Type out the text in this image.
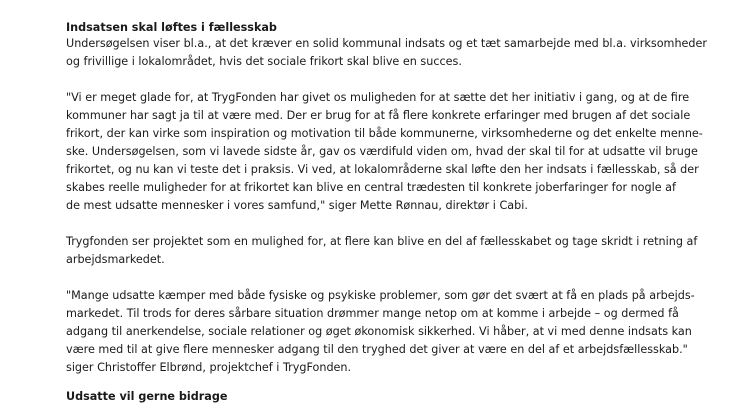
Indsatsen skal løftes i fællesskab
Undersøgelsen viser bl.a., at det kræver en solid kommunal indsats og et tæt samarbejde med bl.a. virksomheder
og frivillige i lokalområdet, hvis det sociale frikort skal blive en succes.
"Vi er meget glade for, at TrygFonden har givet os muligheden for at sætte det her initiativ i gang, og at de fire
kommuner har sagt ja til at være med. Der er brug for at få flere konkrete erfaringer med brugen af det sociale
frikort, der kan virke som inspiration og motivation til både kommunerne, virksomhederne og det enkelte menne-
ske. Undersøgelsen, som vi lavede sidste år, gav os værdifuld viden om, hvad der skal til for at udsatte vil bruge
frikortet, og nu kan vi teste det i praksis. Vi ved, at lokalområderne skal løfte den her indsats i fællesskab, så der
skabes reelle muligheder for at frikortet kan blive en central trædesten til konkrete joberfaringer for nogle af
de mest udsatte mennesker i vores samfund," siger Mette Rønnau, direktør i Cabi.
Trygfonden ser projektet som en mulighed for, at flere kan blive en del af fællesskabet og tage skridt i retning af
arbejdsmarkedet.
"Mange udsatte kæmper med både fysiske og psykiske problemer, som gør det svært at få en plads på arbejds-
markedet. Til trods for deres sårbare situation drømmer mange netop om at komme i arbejde – og dermed få
adgang til anerkendelse, sociale relationer og øget økonomisk sikkerhed. Vi håber, at vi med denne indsats kan
være med til at give flere mennesker adgang til den tryghed det giver at være en del af et arbejdsfællesskab."
siger Christoffer Elbrønd, projektchef i TrygFonden.
Udsatte vil gerne bidrage
